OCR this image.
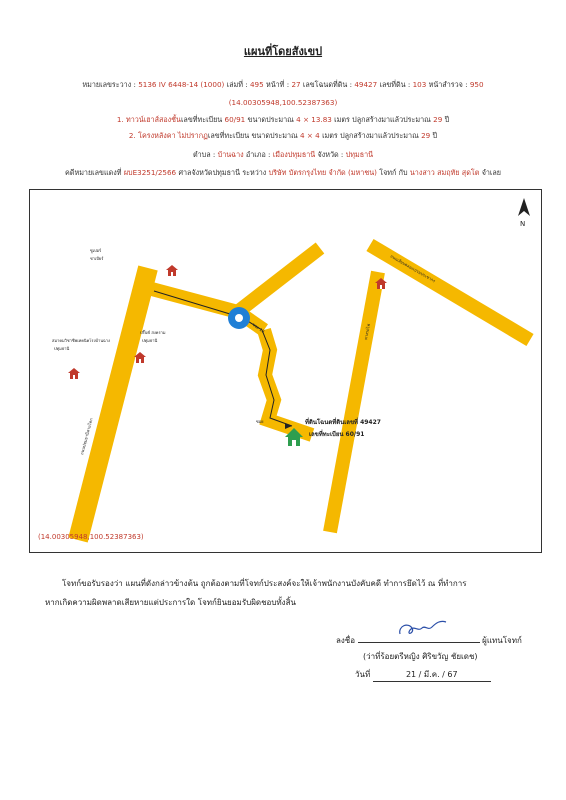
แผนที่โดยสังเขป
หมายเลขระวาง : 5136 IV 6448-14 (1000) เล่มที่ : 495 หน้าที่ : 27 เลขโฉนดที่ดิน : 49427 เลขที่ดิน : 103 หน้าสำรวจ : 950
(14.00305948,100.52387363)
1. ทาวน์เฮาส์สองชั้นเลขที่ทะเบียน 60/91 ขนาดประมาณ 4 × 13.83 เมตร ปลูกสร้างมาแล้วประมาณ 29 ปี
2. โครงหลังคา ไม่ปรากฏเลขที่ทะเบียน ขนาดประมาณ 4 × 4 เมตร ปลูกสร้างมาแล้วประมาณ 29 ปี
ตำบล : บ้านฉาง อำเภอ : เมืองปทุมธานี จังหวัด : ปทุมธานี
คดีหมายเลขแดงที่ ผบE3251/2566 ศาลจังหวัดปทุมธานี ระหว่าง บริษัท บัตรกรุงไทย จำกัด (มหาชน) โจทก์ กับ นางสาว สมฤทัย สุดโต จำเลย
N
ที่ดินโฉนดที่ดินเลขที่ 49427
เลขที่ทะเบียน 60/91
ซูเปอร์
ชาเบียร์
ปริ๊นซ์ สงคราม
ปทุมธานี
สมาคมวิชาชีพเทคนิคโรงบ้านฉาง
ปทุมธานี
ถนนปทุมธานีสามโคก
ถนนเลียบคลองเปรมประชากร
ทางรถไฟ
ซอย
ซอย 13
(14.00305948,100.52387363)
โจทก์ขอรับรองว่า แผนที่ดังกล่าวข้างต้น ถูกต้องตามที่โจทก์ประสงค์จะให้เจ้าพนักงานบังคับคดี ทำการยึดไว้ ณ ที่ทำการ
หากเกิดความผิดพลาดเสียหายแต่ประการใด โจทก์ยินยอมรับผิดชอบทั้งสิ้น
ลงชื่อ	ผู้แทนโจทก์
(ว่าที่ร้อยตรีหญิง ศิริขวัญ ชัยเดช)
วันที่	21 / มี.ค. / 67
